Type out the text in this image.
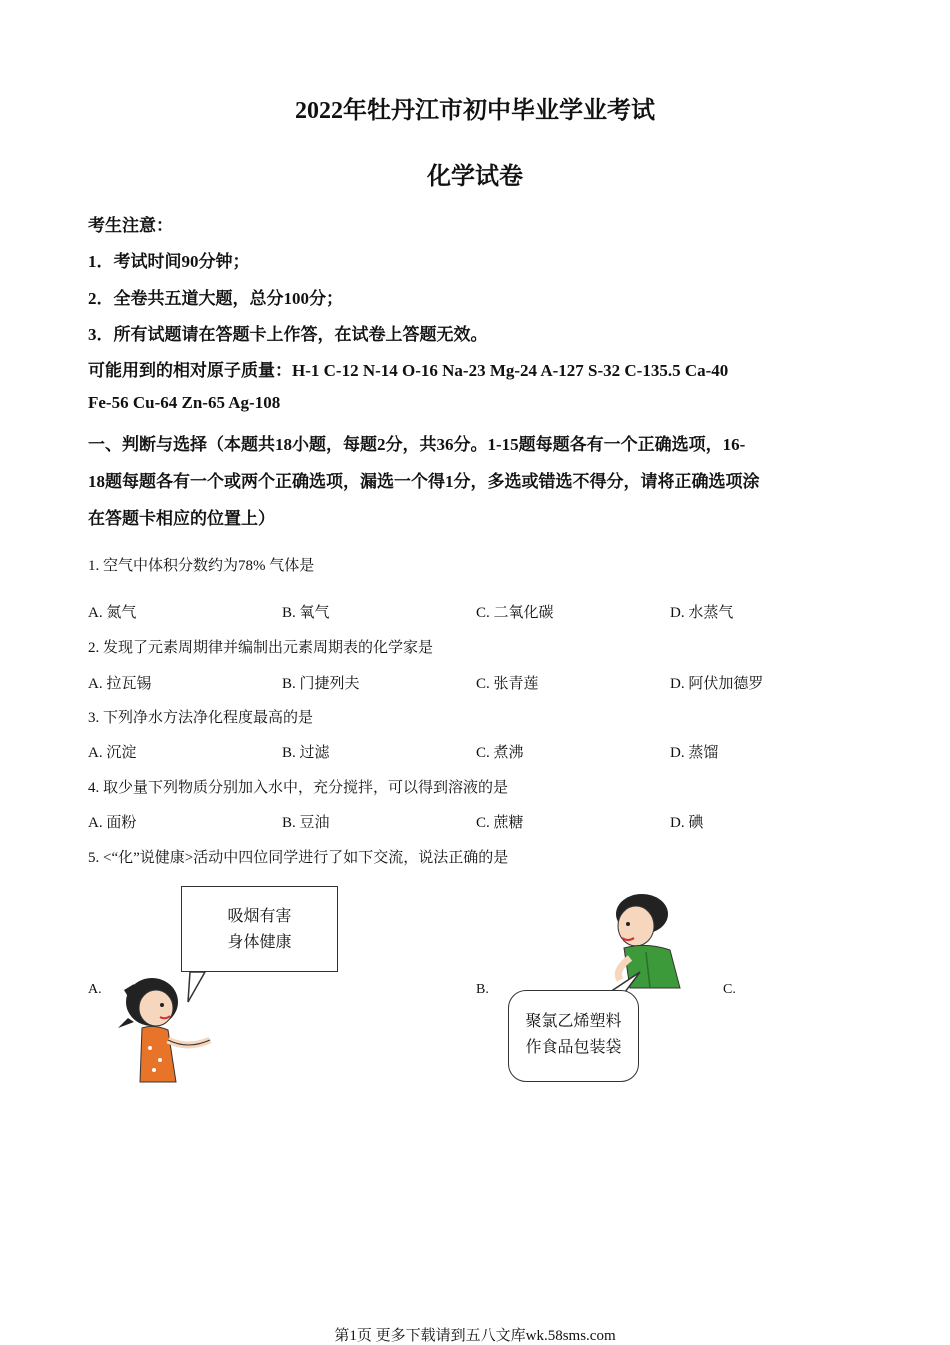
2022年牡丹江市初中毕业学业考试
化学试卷
考生注意：
1．考试时间90分钟；
2．全卷共五道大题，总分100分；
3．所有试题请在答题卡上作答，在试卷上答题无效。
可能用到的相对原子质量：H-1 C-12 N-14 O-16 Na-23 Mg-24 A-127 S-32 C-135.5 Ca-40
Fe-56 Cu-64 Zn-65 Ag-108
一、判断与选择（本题共18小题，每题2分，共36分。1-15题每题各有一个正确选项，16-
18题每题各有一个或两个正确选项，漏选一个得1分，多选或错选不得分，请将正确选项涂
在答题卡相应的位置上）
1. 空气中体积分数约为78% 气体是
A. 氮气	B. 氧气	C. 二氧化碳	D. 水蒸气
2. 发现了元素周期律并编制出元素周期表的化学家是
A. 拉瓦锡	B. 门捷列夫	C. 张青莲	D. 阿伏加德罗
3. 下列净水方法净化程度最高的是
A. 沉淀	B. 过滤	C. 煮沸	D. 蒸馏
4. 取少量下列物质分别加入水中，充分搅拌，可以得到溶液的是
A. 面粉	B. 豆油	C. 蔗糖	D. 碘
5. <“化”说健康>活动中四位同学进行了如下交流，说法正确的是
A.
吸烟有害
身体健康
B.
聚氯乙烯塑料
作食品包装袋
C.
第1页 更多下载请到五八文库wk.58sms.com
